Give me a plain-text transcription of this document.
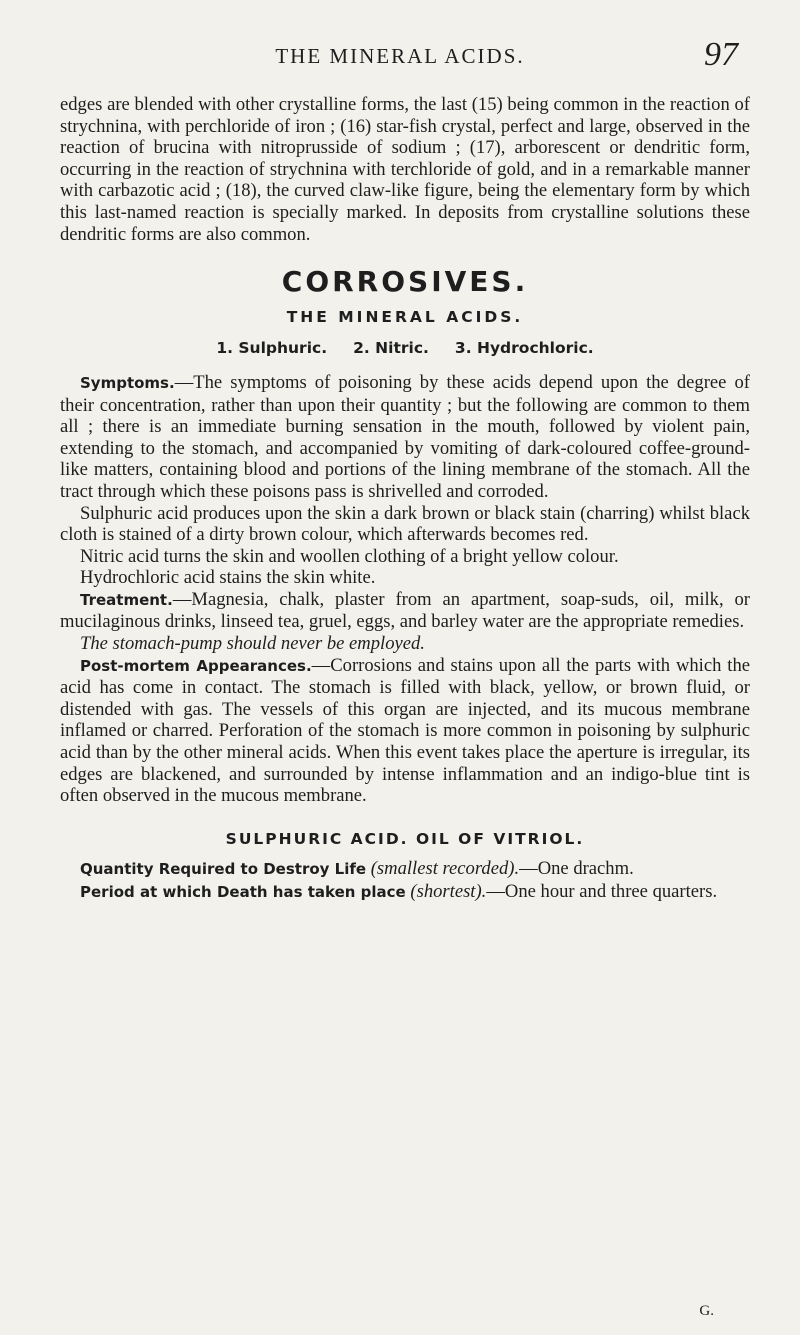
THE MINERAL ACIDS.	97

edges are blended with other crystalline forms, the last (15) being common in the reaction of strychnina, with perchloride of iron ; (16) star-fish crystal, perfect and large, observed in the reaction of brucina with nitroprusside of sodium ; (17), arborescent or dendritic form, occurring in the reaction of strychnina with terchloride of gold, and in a remarkable manner with carbazotic acid ; (18), the curved claw-like figure, being the elementary form by which this last-named reaction is specially marked. In deposits from crystalline solutions these dendritic forms are also common.

CORROSIVES.
THE MINERAL ACIDS.
1. Sulphuric. 2. Nitric. 3. Hydrochloric.

Symptoms.—The symptoms of poisoning by these acids depend upon the degree of their concentration, rather than upon their quantity ; but the following are common to them all ; there is an immediate burning sensation in the mouth, followed by violent pain, extending to the stomach, and accompanied by vomiting of dark-coloured coffee-ground-like matters, containing blood and portions of the lining membrane of the stomach. All the tract through which these poisons pass is shrivelled and corroded.

Sulphuric acid produces upon the skin a dark brown or black stain (charring) whilst black cloth is stained of a dirty brown colour, which afterwards becomes red.

Nitric acid turns the skin and woollen clothing of a bright yellow colour.

Hydrochloric acid stains the skin white.

Treatment.—Magnesia, chalk, plaster from an apartment, soap-suds, oil, milk, or mucilaginous drinks, linseed tea, gruel, eggs, and barley water are the appropriate remedies.

The stomach-pump should never be employed.

Post-mortem Appearances.—Corrosions and stains upon all the parts with which the acid has come in contact. The stomach is filled with black, yellow, or brown fluid, or distended with gas. The vessels of this organ are injected, and its mucous membrane inflamed or charred. Perforation of the stomach is more common in poisoning by sulphuric acid than by the other mineral acids. When this event takes place the aperture is irregular, its edges are blackened, and surrounded by intense inflammation and an indigo-blue tint is often observed in the mucous membrane.

SULPHURIC ACID. OIL OF VITRIOL.

Quantity Required to Destroy Life (smallest recorded).—One drachm.

Period at which Death has taken place (shortest).—One hour and three quarters.

G.
